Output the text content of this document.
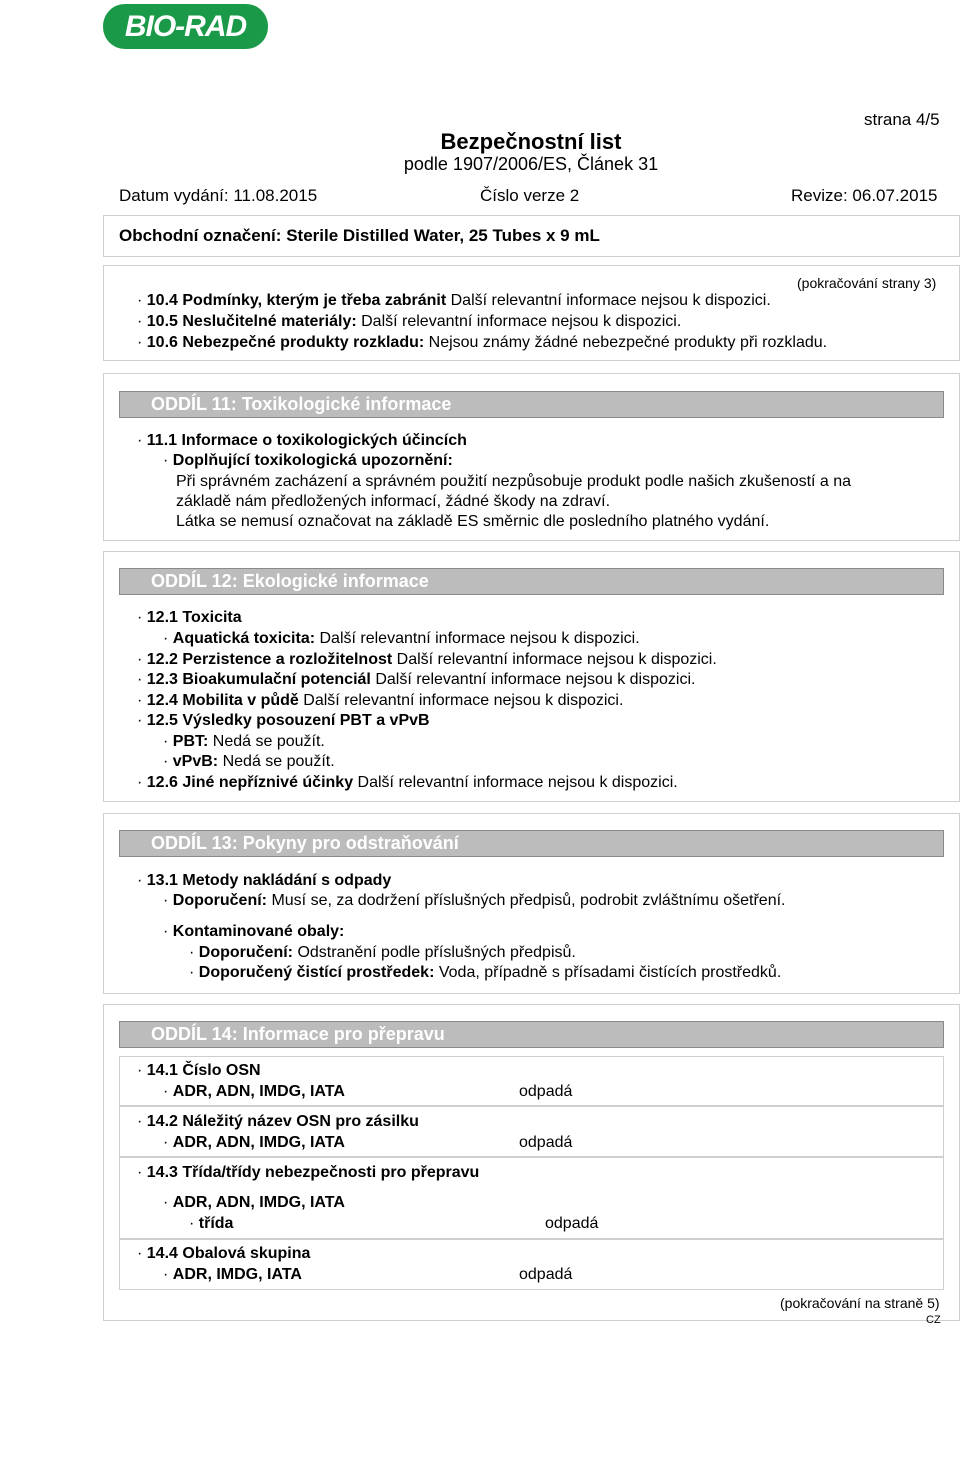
BIO-RAD
strana 4/5
Bezpečnostní list
podle 1907/2006/ES, Článek 31
Datum vydání: 11.08.2015	Číslo verze 2	Revize: 06.07.2015
Obchodní označení: Sterile Distilled Water, 25 Tubes x 9 mL
(pokračování strany 3)
· 10.4 Podmínky, kterým je třeba zabránit Další relevantní informace nejsou k dispozici.
· 10.5 Neslučitelné materiály: Další relevantní informace nejsou k dispozici.
· 10.6 Nebezpečné produkty rozkladu: Nejsou známy žádné nebezpečné produkty při rozkladu.
ODDÍL 11: Toxikologické informace
· 11.1 Informace o toxikologických účincích
· Doplňující toxikologická upozornění:
Při správném zacházení a správném použití nezpůsobuje produkt podle našich zkušeností a na
základě nám předložených informací, žádné škody na zdraví.
Látka se nemusí označovat na základě ES směrnic dle posledního platného vydání.
ODDÍL 12: Ekologické informace
· 12.1 Toxicita
· Aquatická toxicita: Další relevantní informace nejsou k dispozici.
· 12.2 Perzistence a rozložitelnost Další relevantní informace nejsou k dispozici.
· 12.3 Bioakumulační potenciál Další relevantní informace nejsou k dispozici.
· 12.4 Mobilita v půdě Další relevantní informace nejsou k dispozici.
· 12.5 Výsledky posouzení PBT a vPvB
· PBT: Nedá se použít.
· vPvB: Nedá se použít.
· 12.6 Jiné nepříznivé účinky Další relevantní informace nejsou k dispozici.
ODDÍL 13: Pokyny pro odstraňování
· 13.1 Metody nakládání s odpady
· Doporučení: Musí se, za dodržení příslušných předpisů, podrobit zvláštnímu ošetření.
· Kontaminované obaly:
· Doporučení: Odstranění podle příslušných předpisů.
· Doporučený čistící prostředek: Voda, případně s přísadami čistících prostředků.
ODDÍL 14: Informace pro přepravu
· 14.1 Číslo OSN
· ADR, ADN, IMDG, IATA	odpadá
· 14.2 Náležitý název OSN pro zásilku
· ADR, ADN, IMDG, IATA	odpadá
· 14.3 Třída/třídy nebezpečnosti pro přepravu
· ADR, ADN, IMDG, IATA
· třída	odpadá
· 14.4 Obalová skupina
· ADR, IMDG, IATA	odpadá
(pokračování na straně 5)
CZ
